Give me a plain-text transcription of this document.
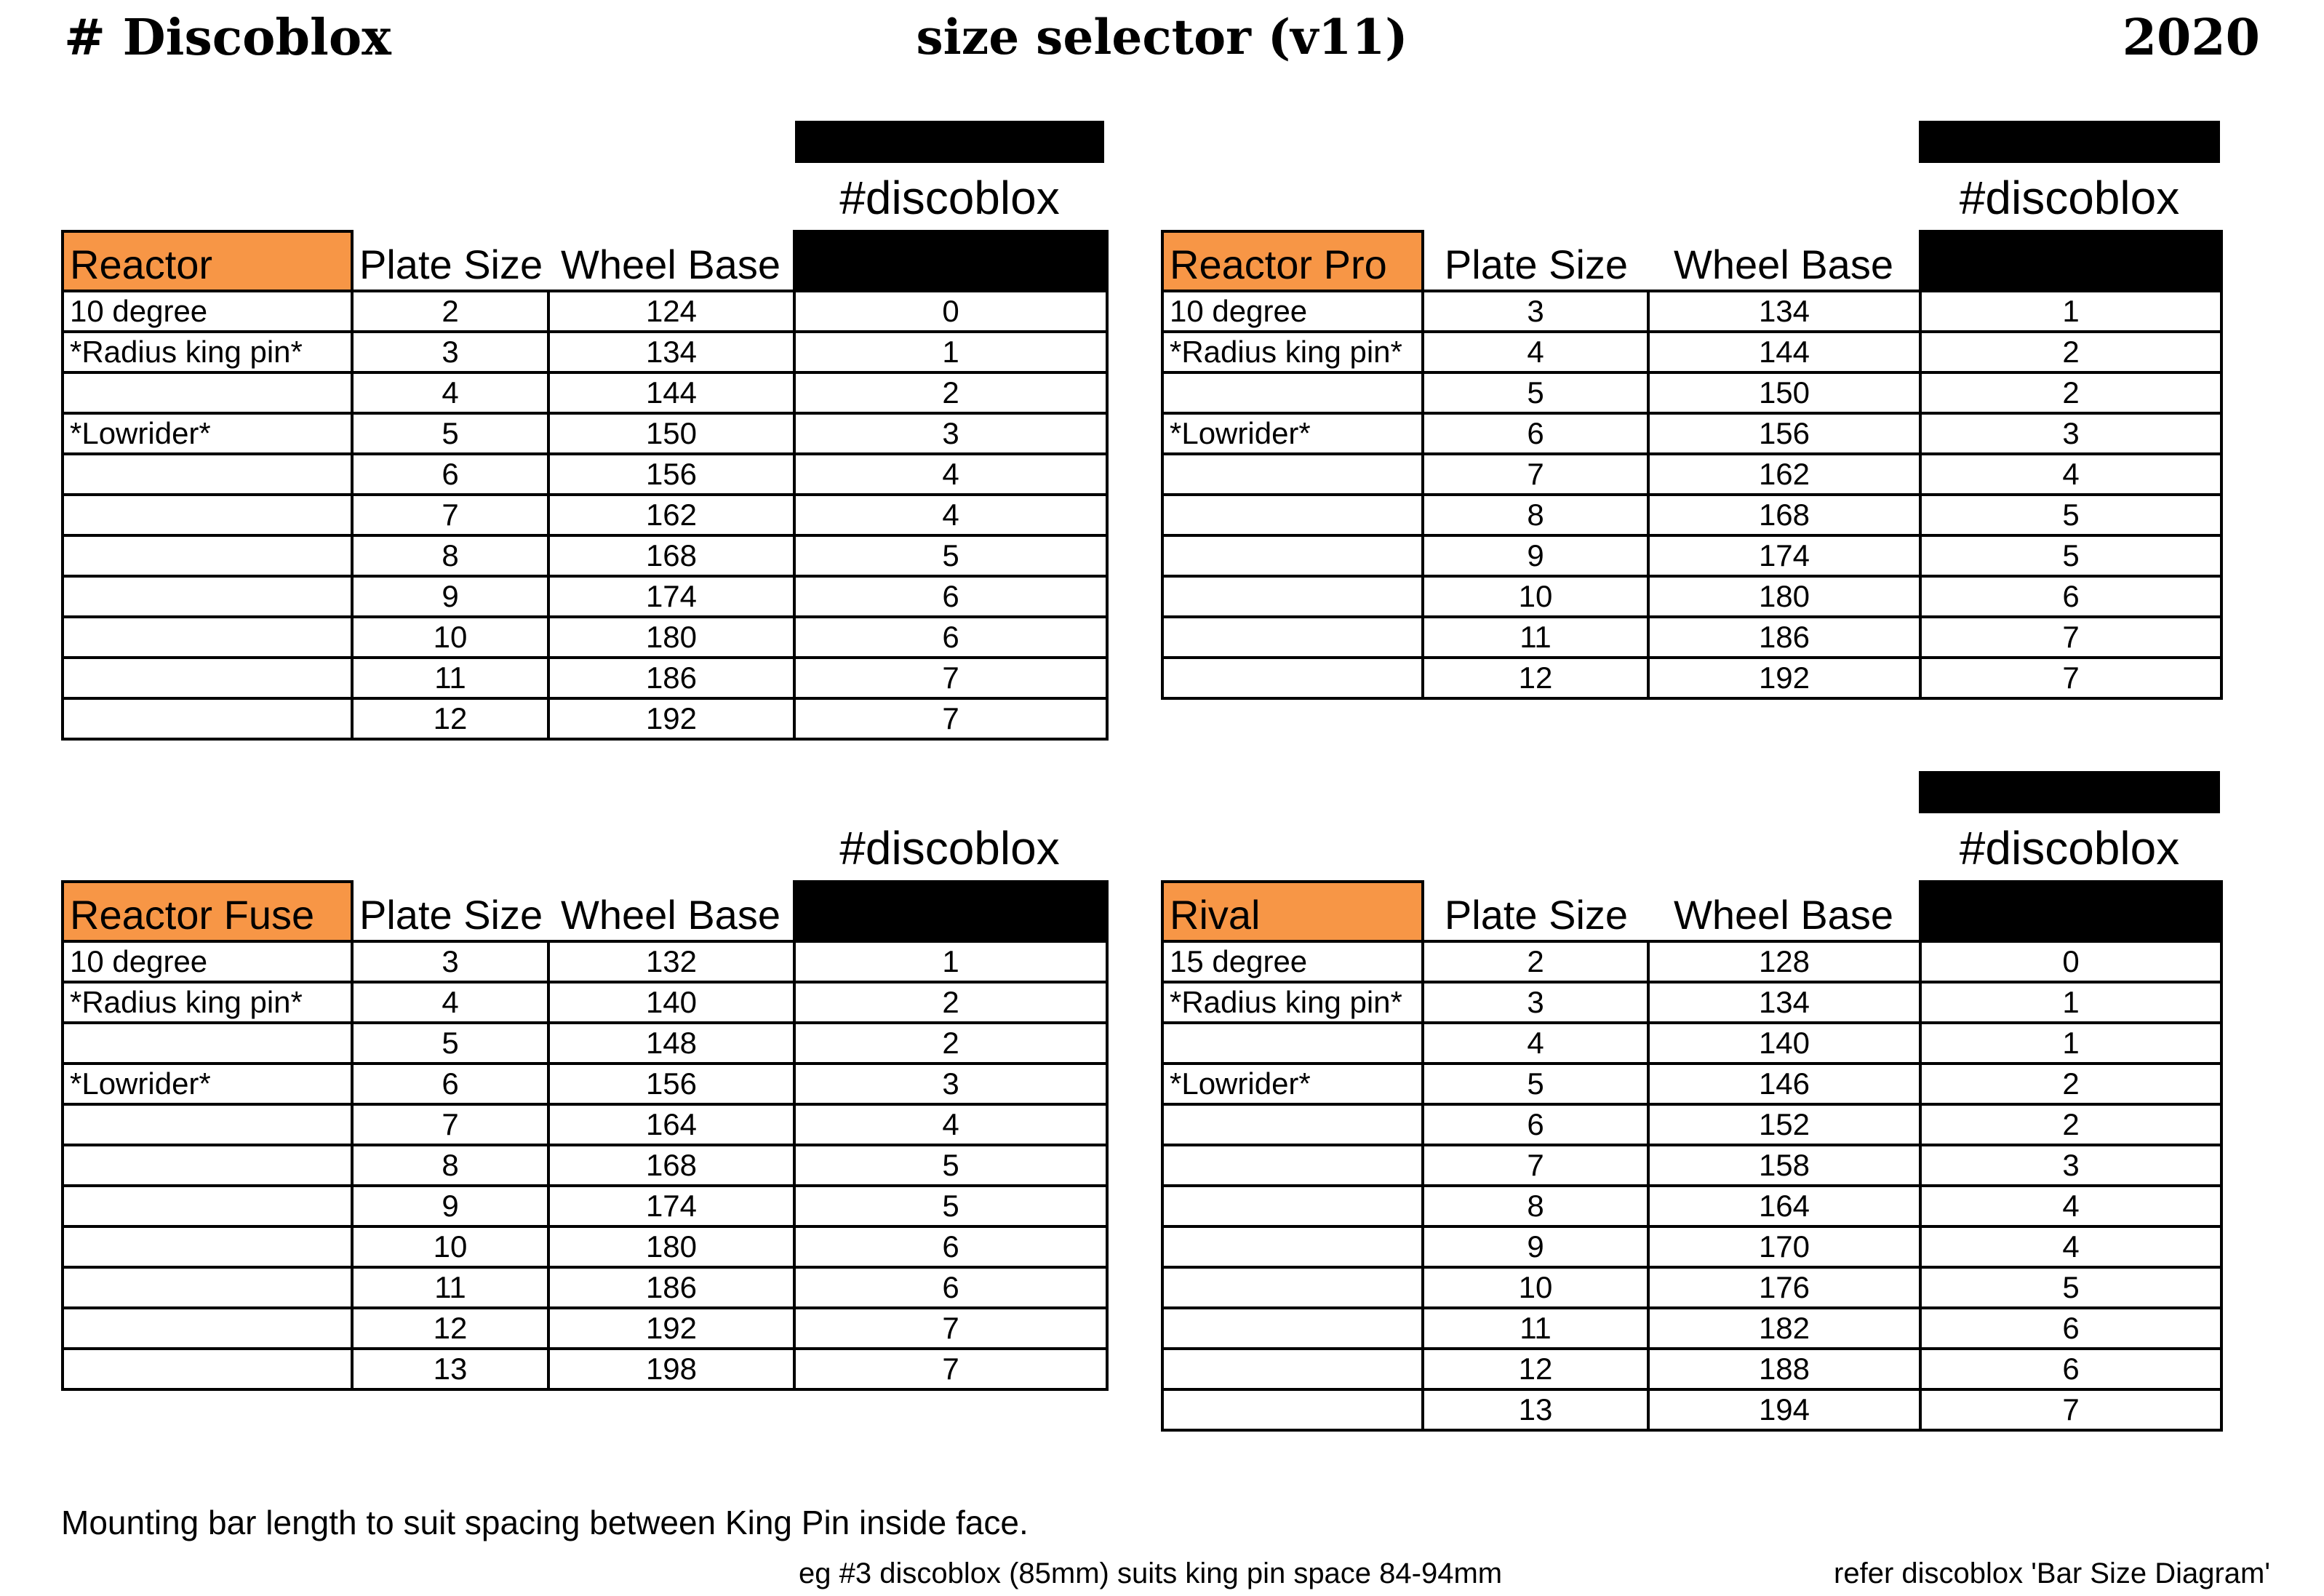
# Discoblox	size selector (v11)	2020
#discoblox	#discoblox
#discoblox	#discoblox
Reactor	Plate Size	Wheel Base	
10 degree	2	124	0
*Radius king pin*	3	134	1
	4	144	2
*Lowrider*	5	150	3
	6	156	4
	7	162	4
	8	168	5
	9	174	6
	10	180	6
	11	186	7
	12	192	7
Reactor Pro	Plate Size	Wheel Base	
10 degree	3	134	1
*Radius king pin*	4	144	2
	5	150	2
*Lowrider*	6	156	3
	7	162	4
	8	168	5
	9	174	5
	10	180	6
	11	186	7
	12	192	7
Reactor Fuse	Plate Size	Wheel Base	
10 degree	3	132	1
*Radius king pin*	4	140	2
	5	148	2
*Lowrider*	6	156	3
	7	164	4
	8	168	5
	9	174	5
	10	180	6
	11	186	6
	12	192	7
	13	198	7
Rival	Plate Size	Wheel Base	
15 degree	2	128	0
*Radius king pin*	3	134	1
	4	140	1
*Lowrider*	5	146	2
	6	152	2
	7	158	3
	8	164	4
	9	170	4
	10	176	5
	11	182	6
	12	188	6
	13	194	7
Mounting bar length to suit spacing between King Pin inside face.
eg #3 discoblox (85mm) suits king pin space 84-94mm	refer discoblox 'Bar Size Diagram'
